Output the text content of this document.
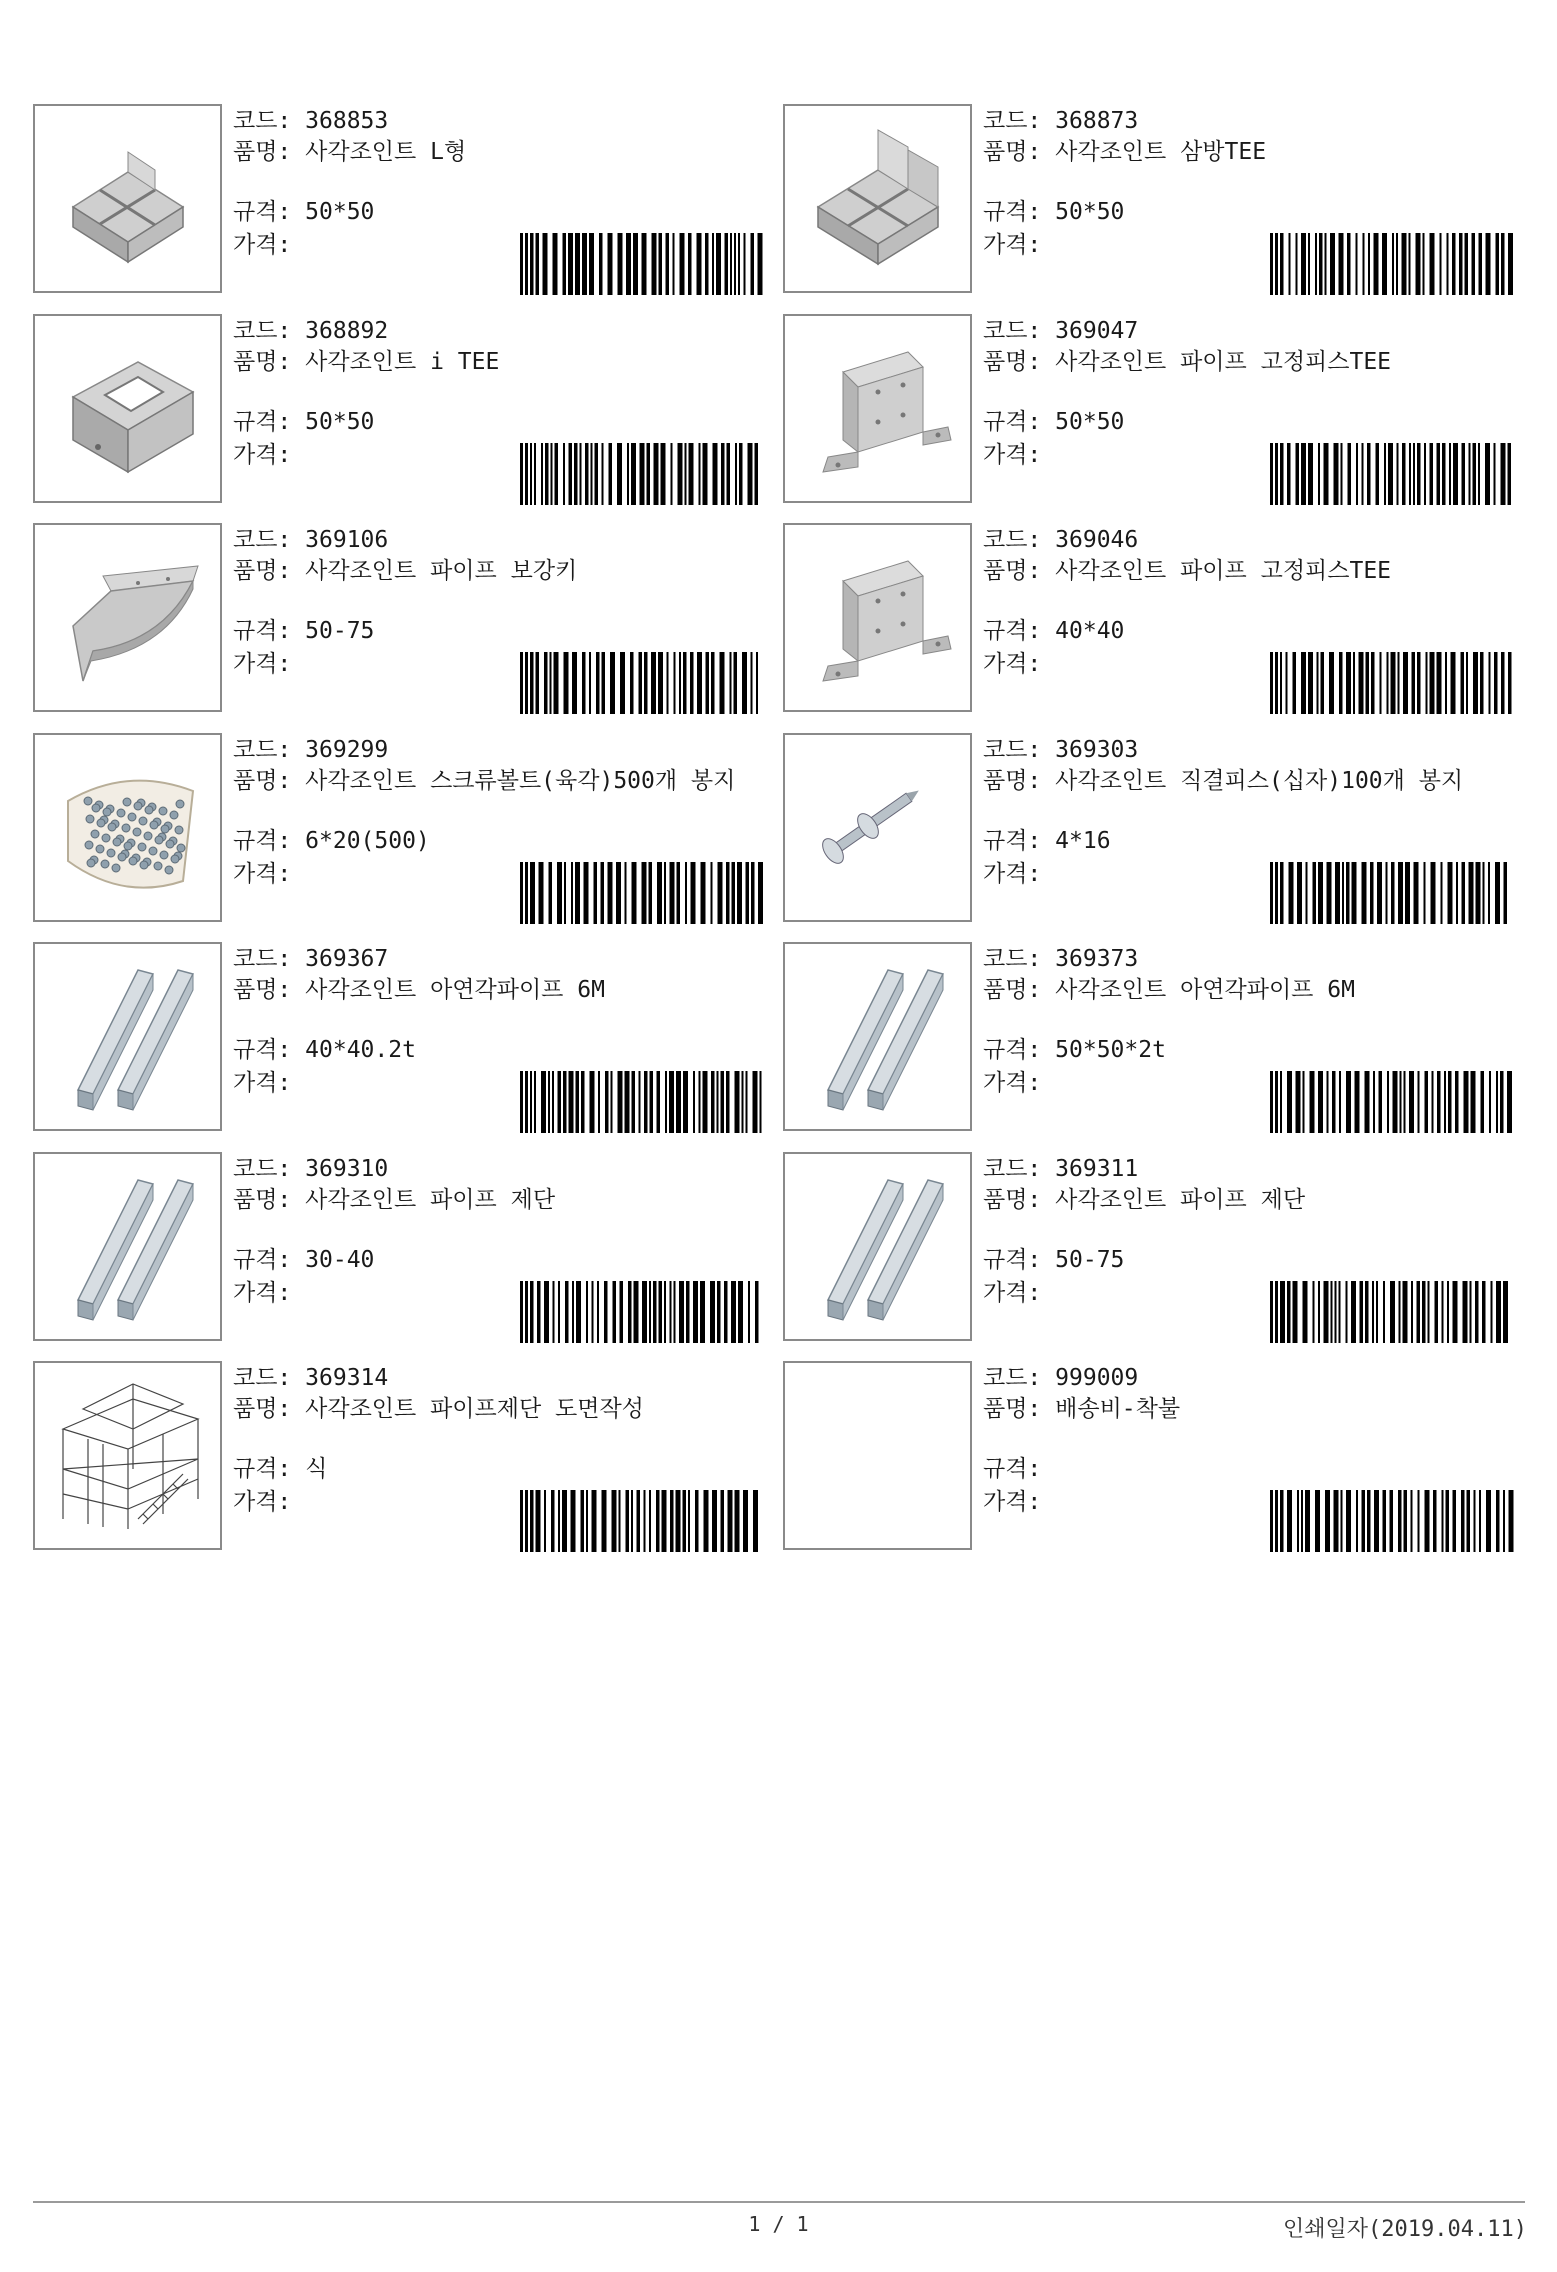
코드: 368853
품명: 사각조인트 L형
규격: 50*50
가격:
코드: 368873
품명: 사각조인트 삼방TEE
규격: 50*50
가격:
코드: 368892
품명: 사각조인트 i TEE
규격: 50*50
가격:
코드: 369047
품명: 사각조인트 파이프 고정피스TEE
규격: 50*50
가격:
코드: 369106
품명: 사각조인트 파이프 보강키
규격: 50-75
가격:
코드: 369046
품명: 사각조인트 파이프 고정피스TEE
규격: 40*40
가격:
코드: 369299
품명: 사각조인트 스크류볼트(육각)500개 봉지
규격: 6*20(500)
가격:
코드: 369303
품명: 사각조인트 직결피스(십자)100개 봉지
규격: 4*16
가격:
코드: 369367
품명: 사각조인트 아연각파이프 6M
규격: 40*40.2t
가격:
코드: 369373
품명: 사각조인트 아연각파이프 6M
규격: 50*50*2t
가격:
코드: 369310
품명: 사각조인트 파이프 제단
규격: 30-40
가격:
코드: 369311
품명: 사각조인트 파이프 제단
규격: 50-75
가격:
코드: 369314
품명: 사각조인트 파이프제단 도면작성
규격: 식
가격:
코드: 999009
품명: 배송비-착불
규격:
가격:
1 / 1	인쇄일자(2019.04.11)
